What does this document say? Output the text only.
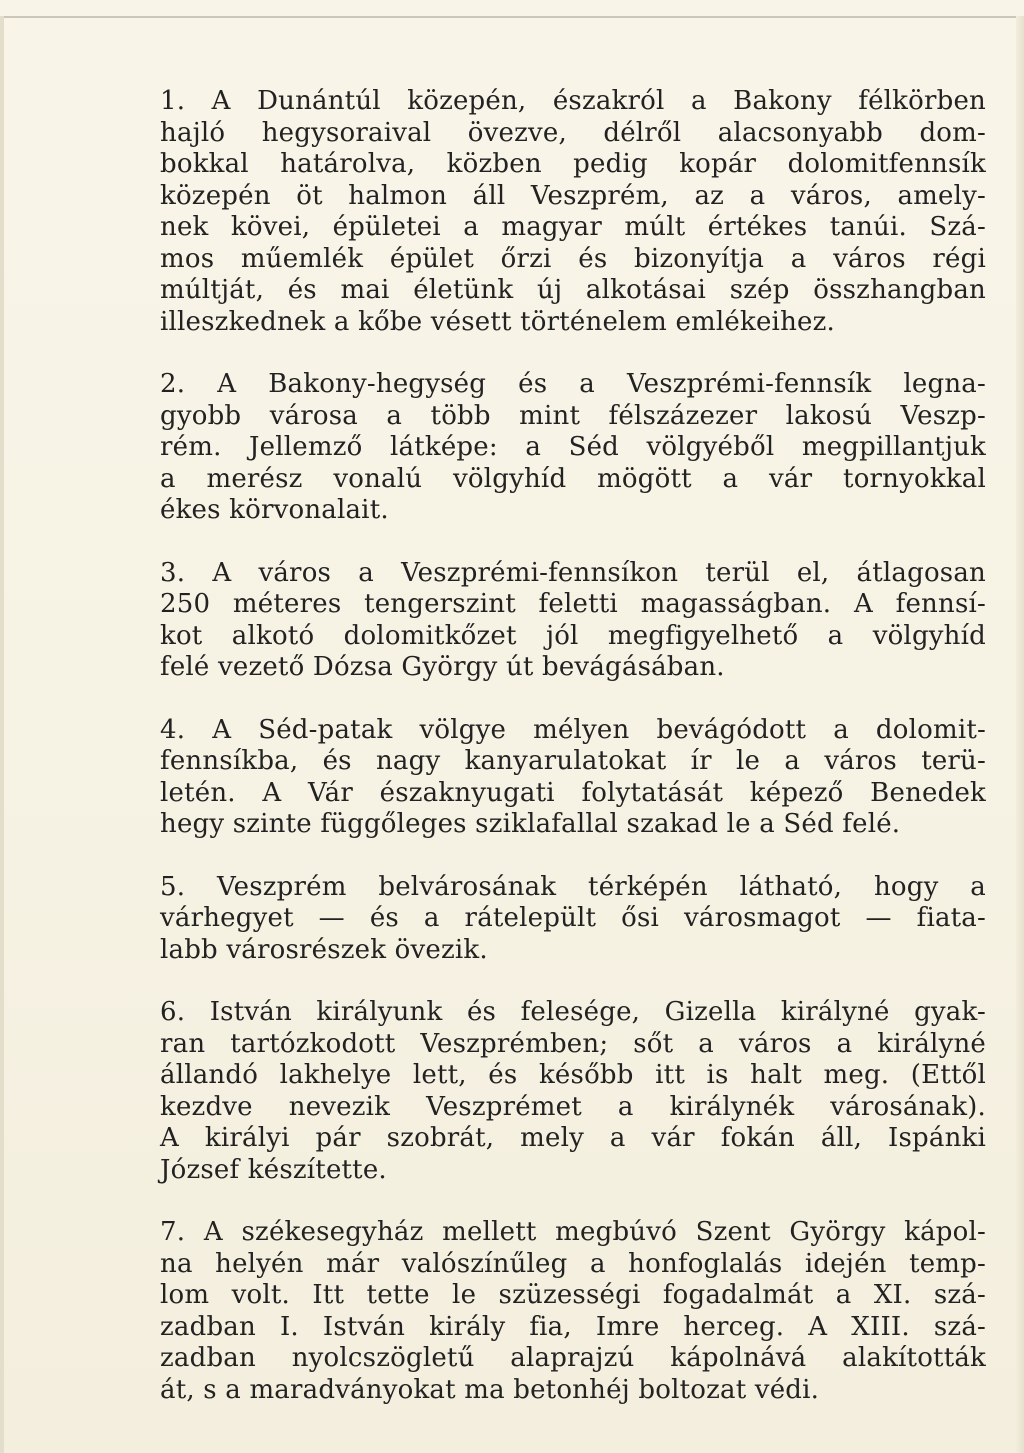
1. A Dunántúl közepén, északról a Bakony félkörben
hajló hegysoraival övezve, délről alacsonyabb dom-
bokkal határolva, közben pedig kopár dolomitfennsík
közepén öt halmon áll Veszprém, az a város, amely-
nek kövei, épületei a magyar múlt értékes tanúi. Szá-
mos műemlék épület őrzi és bizonyítja a város régi
múltját, és mai életünk új alkotásai szép összhangban
illeszkednek a kőbe vésett történelem emlékeihez.
2. A Bakony-hegység és a Veszprémi-fennsík legna-
gyobb városa a több mint félszázezer lakosú Veszp-
rém. Jellemző látképe: a Séd völgyéből megpillantjuk
a merész vonalú völgyhíd mögött a vár tornyokkal
ékes körvonalait.
3. A város a Veszprémi-fennsíkon terül el, átlagosan
250 méteres tengerszint feletti magasságban. A fennsí-
kot alkotó dolomitkőzet jól megfigyelhető a völgyhíd
felé vezető Dózsa György út bevágásában.
4. A Séd-patak völgye mélyen bevágódott a dolomit-
fennsíkba, és nagy kanyarulatokat ír le a város terü-
letén. A Vár északnyugati folytatását képező Benedek
hegy szinte függőleges sziklafallal szakad le a Séd felé.
5. Veszprém belvárosának térképén látható, hogy a
várhegyet — és a rátelepült ősi városmagot — fiata-
labb városrészek övezik.
6. István királyunk és felesége, Gizella királyné gyak-
ran tartózkodott Veszprémben; sőt a város a királyné
állandó lakhelye lett, és később itt is halt meg. (Ettől
kezdve nevezik Veszprémet a királynék városának).
A királyi pár szobrát, mely a vár fokán áll, Ispánki
József készítette.
7. A székesegyház mellett megbúvó Szent György kápol-
na helyén már valószínűleg a honfoglalás idején temp-
lom volt. Itt tette le szüzességi fogadalmát a XI. szá-
zadban I. István király fia, Imre herceg. A XIII. szá-
zadban nyolcszögletű alaprajzú kápolnává alakították
át, s a maradványokat ma betonhéj boltozat védi.
